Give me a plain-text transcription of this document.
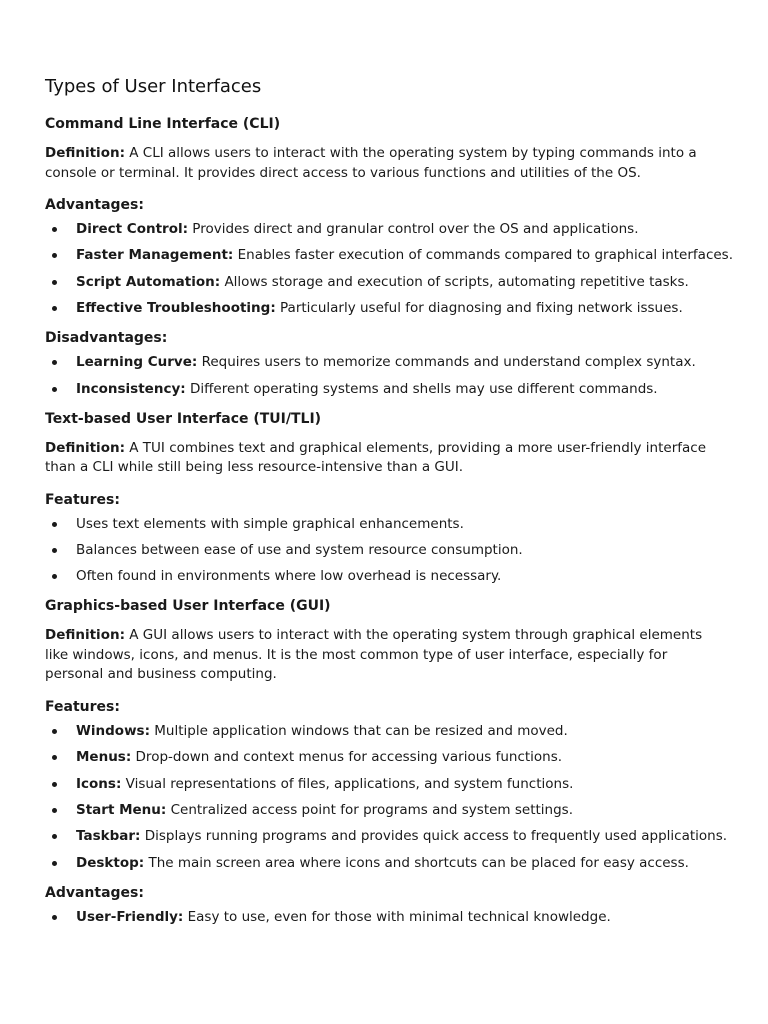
Types of User Interfaces
Command Line Interface (CLI)

Definition: A CLI allows users to interact with the operating system by typing commands into a console or terminal. It provides direct access to various functions and utilities of the OS.

Advantages:
Direct Control: Provides direct and granular control over the OS and applications.
Faster Management: Enables faster execution of commands compared to graphical interfaces.
Script Automation: Allows storage and execution of scripts, automating repetitive tasks.
Effective Troubleshooting: Particularly useful for diagnosing and fixing network issues.
Disadvantages:
Learning Curve: Requires users to memorize commands and understand complex syntax.
Inconsistency: Different operating systems and shells may use different commands.
Text-based User Interface (TUI/TLI)

Definition: A TUI combines text and graphical elements, providing a more user-friendly interface than a CLI while still being less resource-intensive than a GUI.

Features:
Uses text elements with simple graphical enhancements.
Balances between ease of use and system resource consumption.
Often found in environments where low overhead is necessary.
Graphics-based User Interface (GUI)

Definition: A GUI allows users to interact with the operating system through graphical elements like windows, icons, and menus. It is the most common type of user interface, especially for personal and business computing.

Features:
Windows: Multiple application windows that can be resized and moved.
Menus: Drop-down and context menus for accessing various functions.
Icons: Visual representations of files, applications, and system functions.
Start Menu: Centralized access point for programs and system settings.
Taskbar: Displays running programs and provides quick access to frequently used applications.
Desktop: The main screen area where icons and shortcuts can be placed for easy access.
Advantages:
User-Friendly: Easy to use, even for those with minimal technical knowledge.
